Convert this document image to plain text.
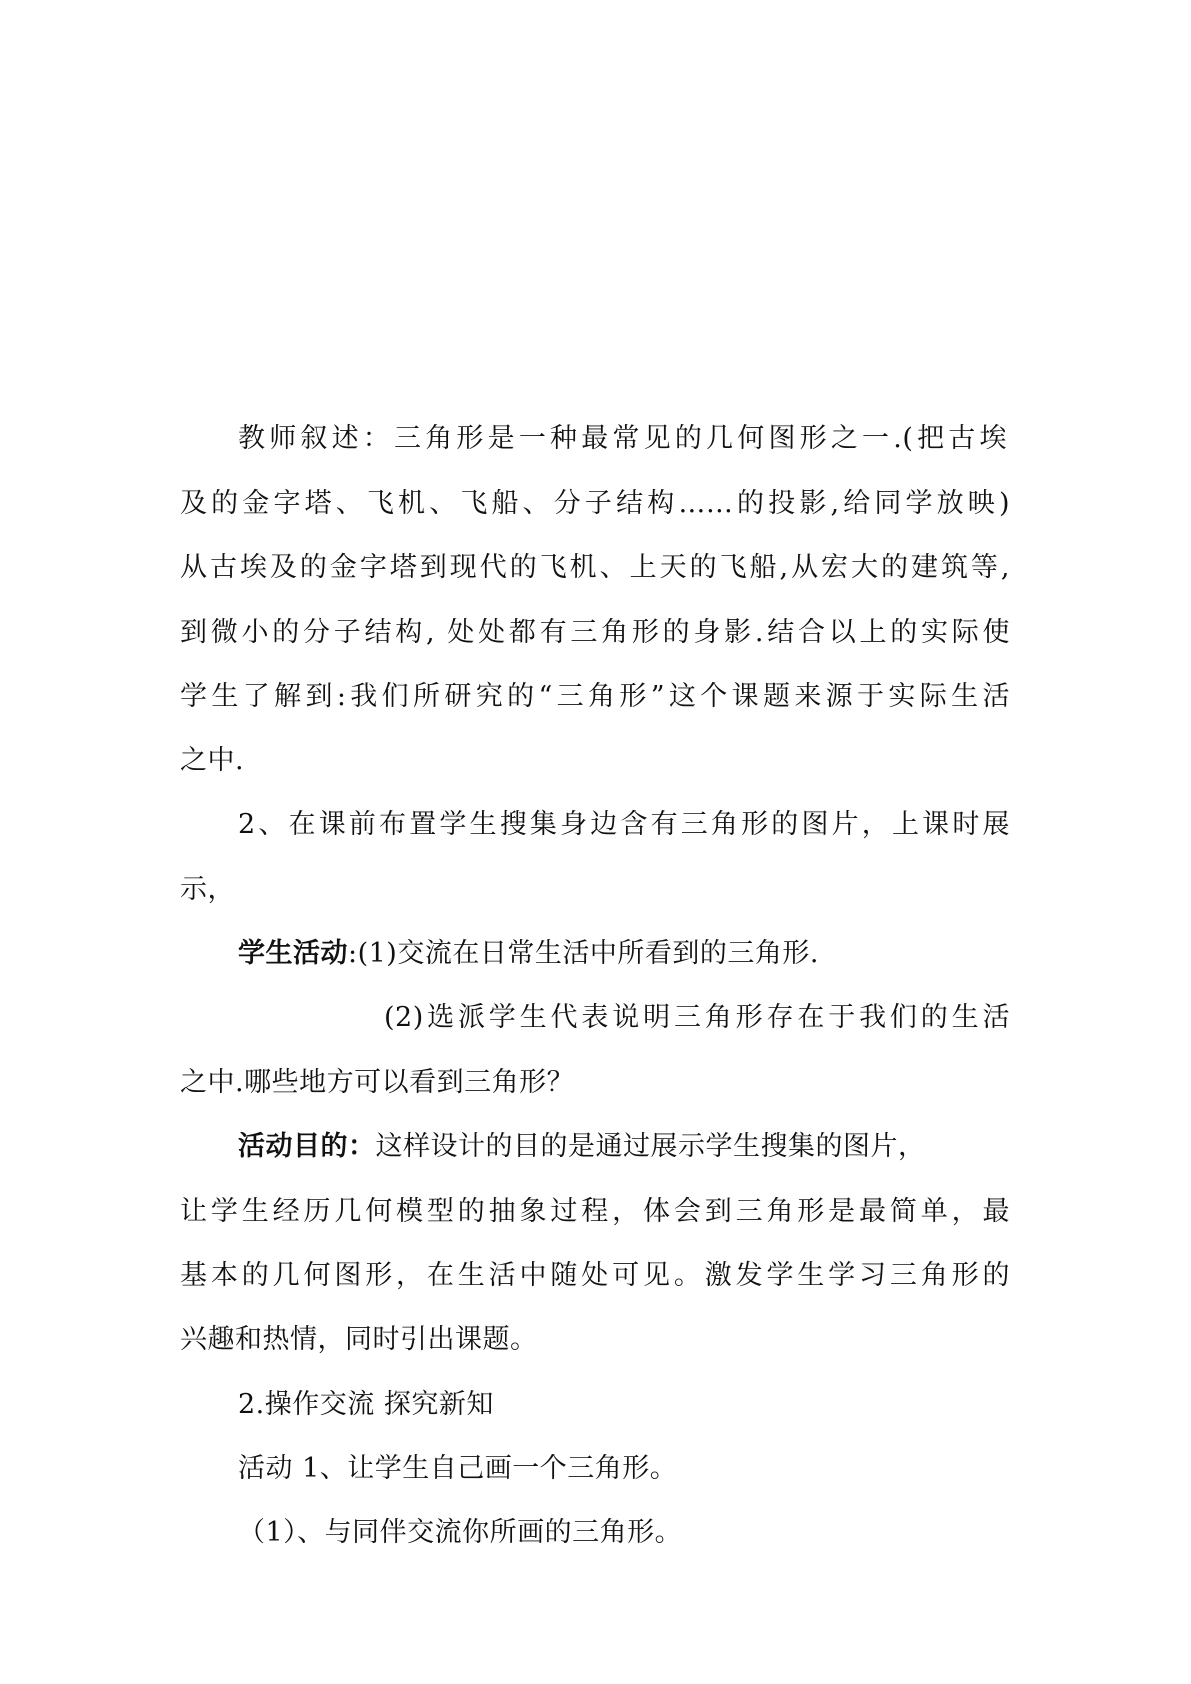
教师叙述：三角形是一种最常见的几何图形之一.(把古埃
及的金字塔、飞机、飞船、分子结构……的投影,给同学放映)
从古埃及的金字塔到现代的飞机、上天的飞船,从宏大的建筑等,
到微小的分子结构, 处处都有三角形的身影.结合以上的实际使
学生了解到:我们所研究的“三角形”这个课题来源于实际生活
之中.
2、在课前布置学生搜集身边含有三角形的图片，上课时展
示，
学生活动:(1)交流在日常生活中所看到的三角形.
(2)选派学生代表说明三角形存在于我们的生活
之中.哪些地方可以看到三角形？
活动目的：这样设计的目的是通过展示学生搜集的图片，
让学生经历几何模型的抽象过程，体会到三角形是最简单，最
基本的几何图形，在生活中随处可见。激发学生学习三角形的
兴趣和热情，同时引出课题。
2.操作交流 探究新知
活动 1、让学生自己画一个三角形。
（1）、与同伴交流你所画的三角形。
